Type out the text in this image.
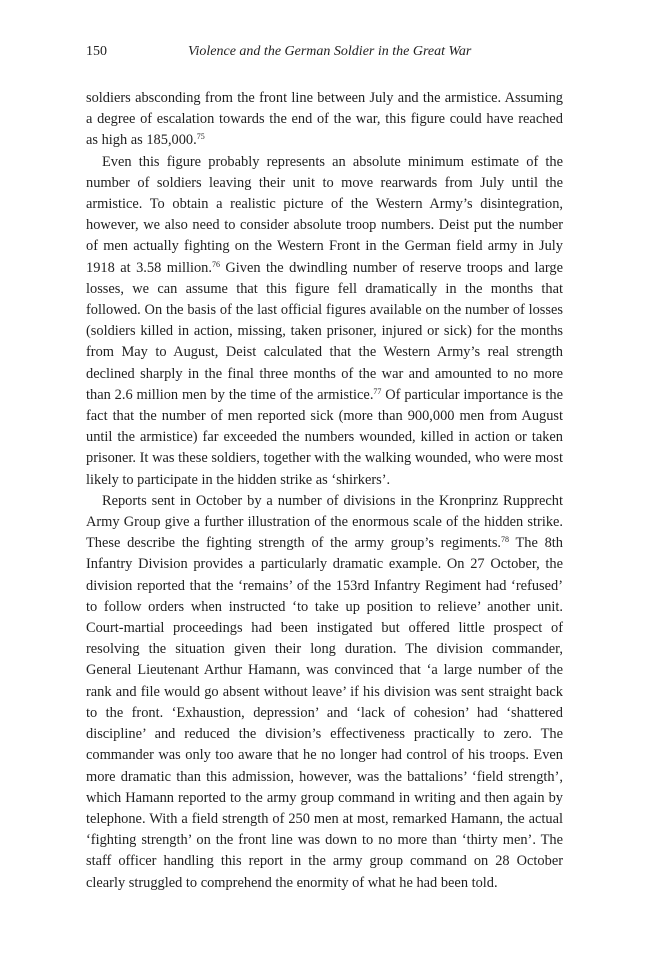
150	Violence and the German Soldier in the Great War

soldiers absconding from the front line between July and the armistice. Assuming a degree of escalation towards the end of the war, this figure could have reached as high as 185,000.75

Even this figure probably represents an absolute minimum estimate of the number of soldiers leaving their unit to move rearwards from July until the armistice. To obtain a realistic picture of the Western Army’s disintegration, however, we also need to consider absolute troop numbers. Deist put the number of men actually fighting on the Western Front in the German field army in July 1918 at 3.58 million.$^{76}$ Given the dwindling number of reserve troops and large losses, we can assume that this figure fell dramatically in the months that followed. On the basis of the last official figures available on the number of losses (soldiers killed in action, missing, taken prisoner, injured or sick) for the months from May to August, Deist calculated that the Western Army’s real strength declined sharply in the final three months of the war and amounted to no more than 2.6 million men by the time of the armistice.$^{77}$ Of particular importance is the fact that the number of men reported sick (more than 900,000 men from August until the armistice) far exceeded the numbers wounded, killed in action or taken prisoner. It was these soldiers, together with the walking wounded, who were most likely to participate in the hidden strike as ‘shirkers’.

Reports sent in October by a number of divisions in the Kronprinz Rupprecht Army Group give a further illustration of the enormous scale of the hidden strike. These describe the fighting strength of the army group’s regiments.$^{78}$ The 8th Infantry Division provides a particularly dramatic example. On 27 October, the division reported that the ‘remains’ of the 153rd Infantry Regiment had ‘refused’ to follow orders when instructed ‘to take up position to relieve’ another unit. Court-martial proceedings had been instigated but offered little prospect of resolving the situation given their long duration. The division commander, General Lieutenant Arthur Hamann, was convinced that ‘a large number of the rank and file would go absent without leave’ if his division was sent straight back to the front. ‘Exhaustion, depression’ and ‘lack of cohesion’ had ‘shattered discipline’ and reduced the division’s effectiveness practically to zero. The commander was only too aware that he no longer had control of his troops. Even more dramatic than this admission, however, was the battalions’ ‘field strength’, which Hamann reported to the army group command in writing and then again by telephone. With a field strength of 250 men at most, remarked Hamann, the actual ‘fighting strength’ on the front line was down to no more than ‘thirty men’. The staff officer handling this report in the army group command on 28 October clearly struggled to comprehend the enormity of what he had been told.
